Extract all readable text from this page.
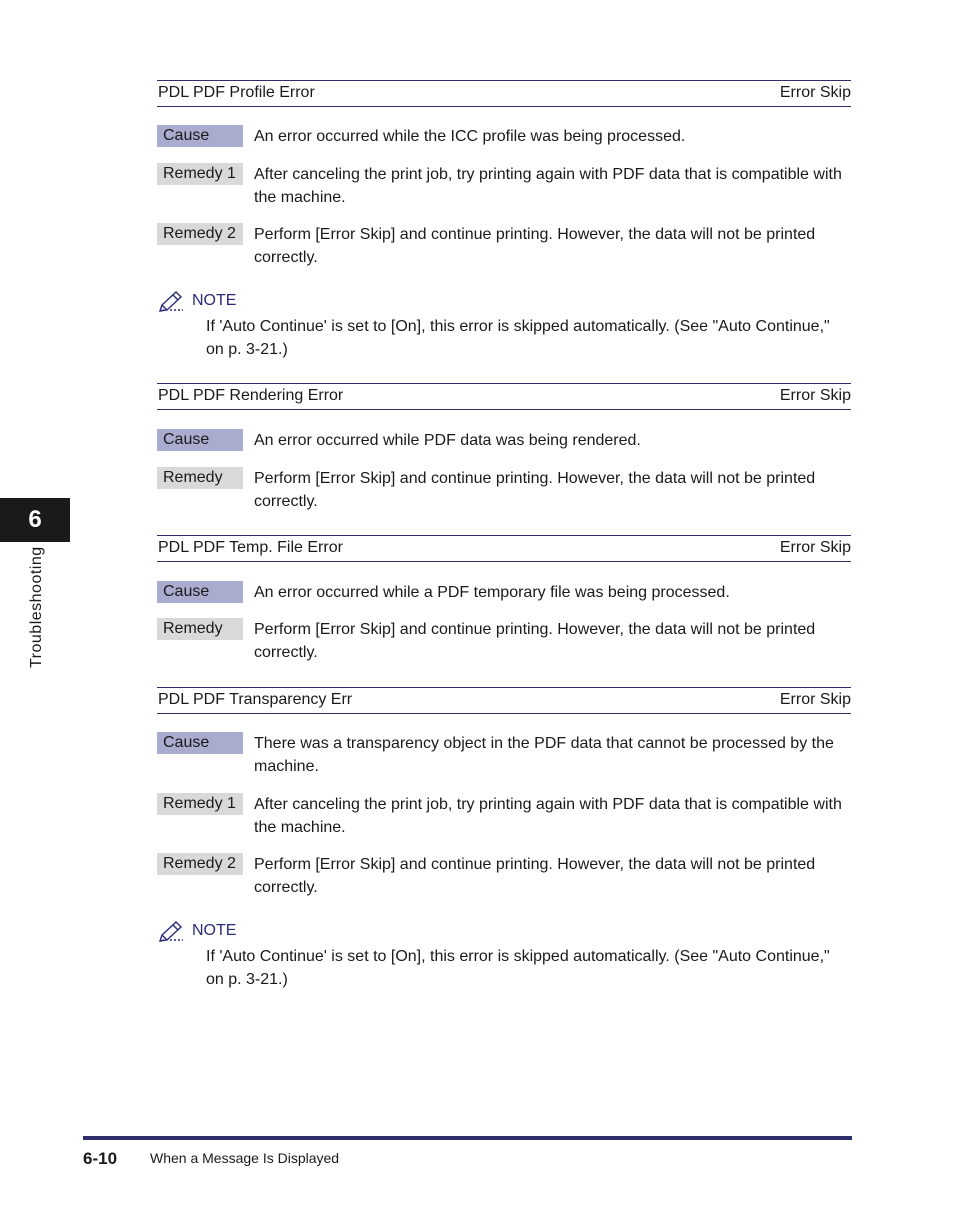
6
Troubleshooting
PDL PDF Profile Error	Error Skip
Cause	An error occurred while the ICC profile was being processed.
Remedy 1	After canceling the print job, try printing again with PDF data that is compatible with the machine.
Remedy 2	Perform [Error Skip] and continue printing. However, the data will not be printed correctly.
NOTE
If 'Auto Continue' is set to [On], this error is skipped automatically. (See "Auto Continue," on p. 3-21.)
PDL PDF Rendering Error	Error Skip
Cause	An error occurred while PDF data was being rendered.
Remedy	Perform [Error Skip] and continue printing. However, the data will not be printed correctly.
PDL PDF Temp. File Error	Error Skip
Cause	An error occurred while a PDF temporary file was being processed.
Remedy	Perform [Error Skip] and continue printing. However, the data will not be printed correctly.
PDL PDF Transparency Err	Error Skip
Cause	There was a transparency object in the PDF data that cannot be processed by the machine.
Remedy 1	After canceling the print job, try printing again with PDF data that is compatible with the machine.
Remedy 2	Perform [Error Skip] and continue printing. However, the data will not be printed correctly.
NOTE
If 'Auto Continue' is set to [On], this error is skipped automatically. (See "Auto Continue," on p. 3-21.)
6-10 When a Message Is Displayed
